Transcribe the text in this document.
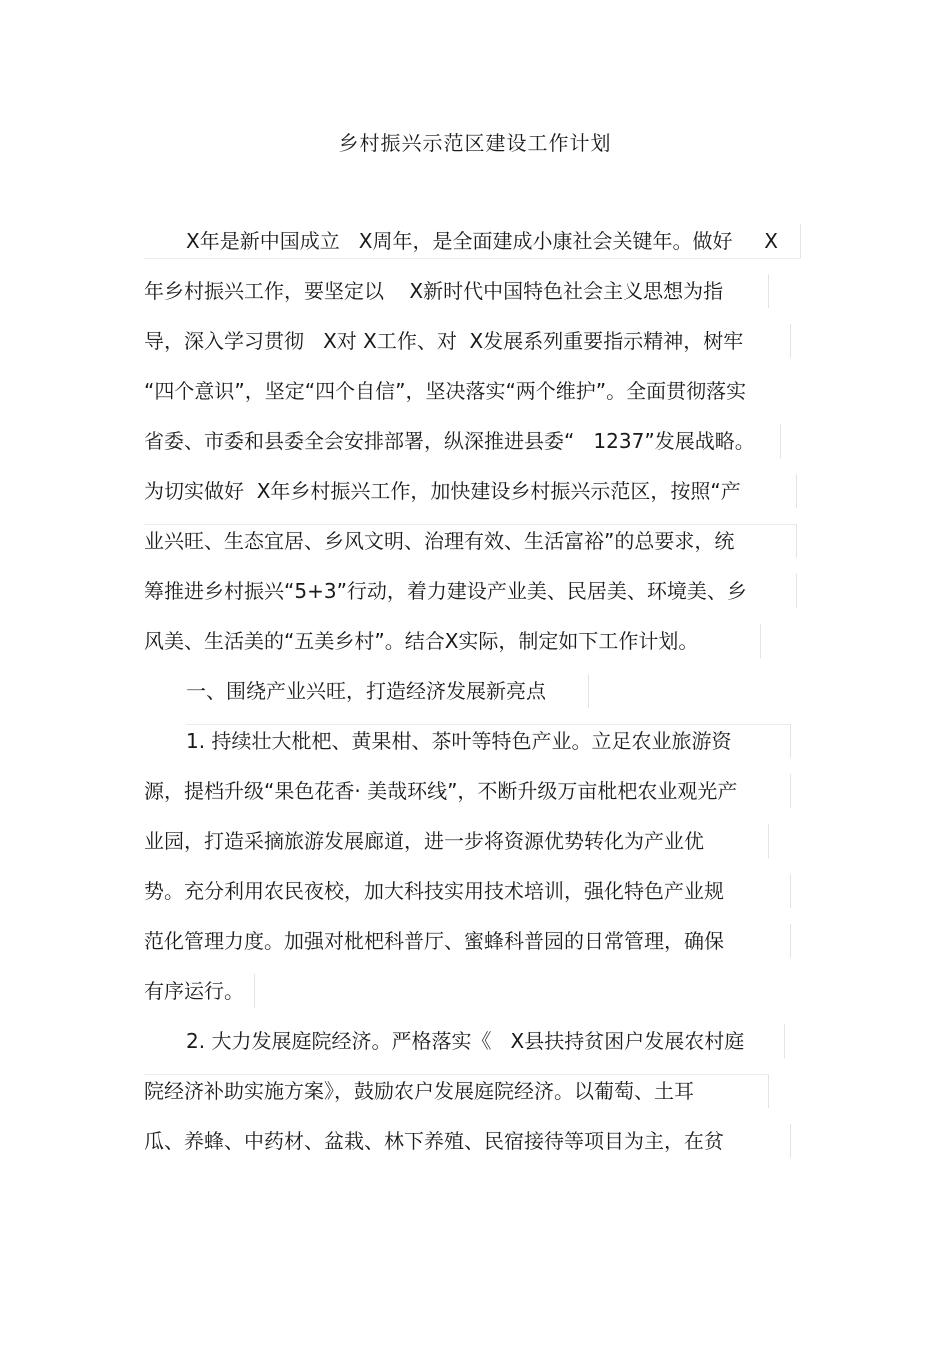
乡村振兴示范区建设工作计划
X年是新中国成立   X周年，是全面建成小康社会关键年。做好     X
年乡村振兴工作，要坚定以    X新时代中国特色社会主义思想为指
导，深入学习贯彻   X对 X工作、对  X发展系列重要指示精神，树牢
“四个意识”，坚定“四个自信”，坚决落实“两个维护”。全面贯彻落实
省委、市委和县委全会安排部署，纵深推进县委“   1237”发展战略。
为切实做好  X年乡村振兴工作，加快建设乡村振兴示范区，按照“产
业兴旺、生态宜居、乡风文明、治理有效、生活富裕”的总要求，统
筹推进乡村振兴“5+3”行动，着力建设产业美、民居美、环境美、乡
风美、生活美的“五美乡村”。结合X实际，制定如下工作计划。
一、围绕产业兴旺，打造经济发展新亮点
1. 持续壮大枇杷、黄果柑、茶叶等特色产业。立足农业旅游资
源，提档升级“果色花香· 美哉环线”，不断升级万亩枇杷农业观光产
业园，打造采摘旅游发展廊道，进一步将资源优势转化为产业优
势。充分利用农民夜校，加大科技实用技术培训，强化特色产业规
范化管理力度。加强对枇杷科普厅、蜜蜂科普园的日常管理，确保
有序运行。
2. 大力发展庭院经济。严格落实《   X县扶持贫困户发展农村庭
院经济补助实施方案》，鼓励农户发展庭院经济。以葡萄、土耳
瓜、养蜂、中药材、盆栽、林下养殖、民宿接待等项目为主，在贫
